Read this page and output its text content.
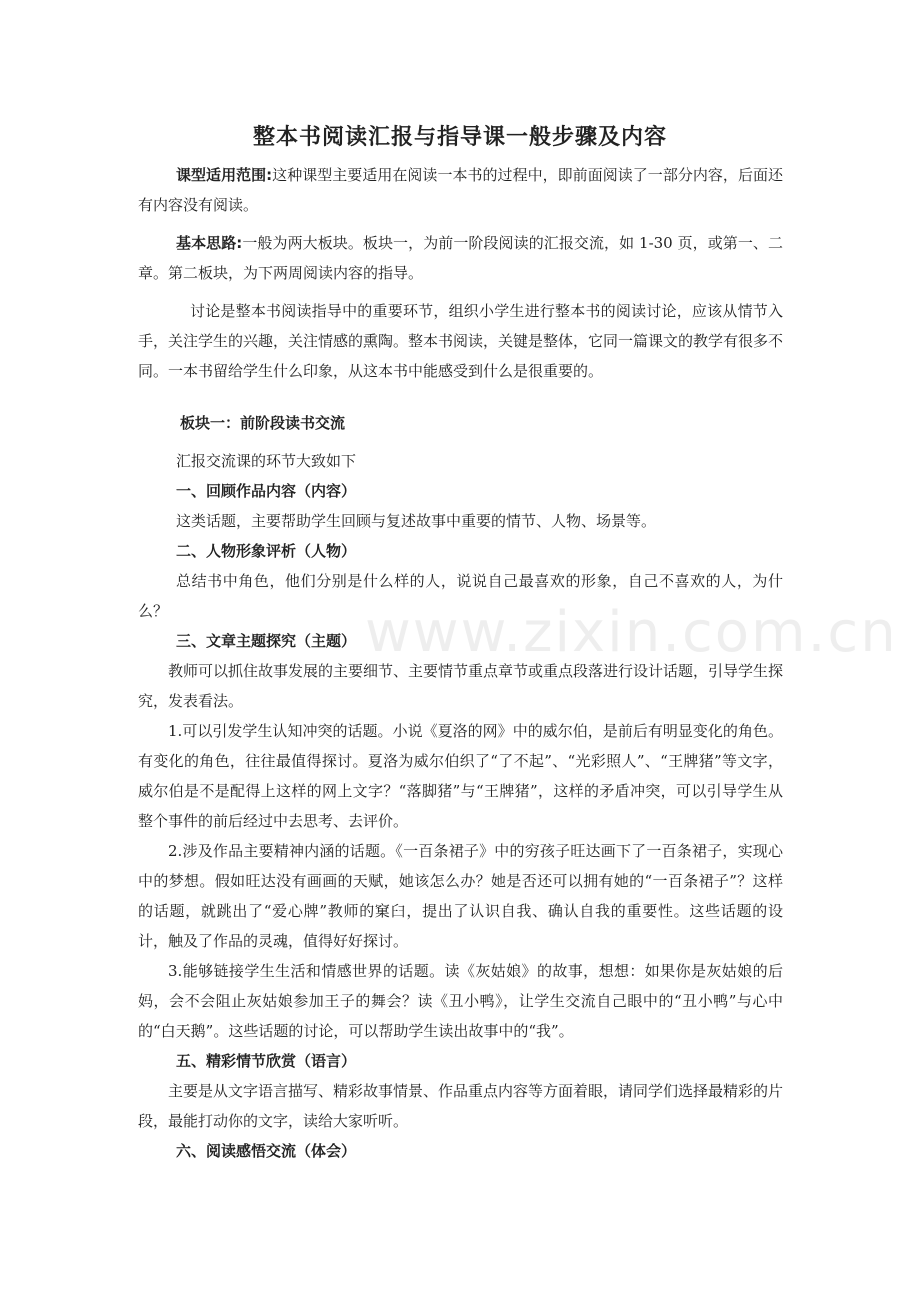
整本书阅读汇报与指导课一般步骤及内容

课型适用范围:这种课型主要适用在阅读一本书的过程中，即前面阅读了一部分内容，后面还有内容没有阅读。

基本思路:一般为两大板块。板块一，为前一阶段阅读的汇报交流，如 1-30 页，或第一、二章。第二板块，为下两周阅读内容的指导。

讨论是整本书阅读指导中的重要环节，组织小学生进行整本书的阅读讨论，应该从情节入手，关注学生的兴趣，关注情感的熏陶。整本书阅读，关键是整体，它同一篇课文的教学有很多不同。一本书留给学生什么印象，从这本书中能感受到什么是很重要的。

板块一：前阶段读书交流

汇报交流课的环节大致如下

一、回顾作品内容（内容）

这类话题，主要帮助学生回顾与复述故事中重要的情节、人物、场景等。

二、人物形象评析（人物）

总结书中角色，他们分别是什么样的人，说说自己最喜欢的形象，自己不喜欢的人，为什么？

三、文章主题探究（主题）

教师可以抓住故事发展的主要细节、主要情节重点章节或重点段落进行设计话题，引导学生探究，发表看法。

1.可以引发学生认知冲突的话题。小说《夏洛的网》中的威尔伯，是前后有明显变化的角色。有变化的角色，往往最值得探讨。夏洛为威尔伯织了“了不起”、“光彩照人”、“王牌猪”等文字，威尔伯是不是配得上这样的网上文字？“落脚猪”与“王牌猪”，这样的矛盾冲突，可以引导学生从整个事件的前后经过中去思考、去评价。

2.涉及作品主要精神内涵的话题。《一百条裙子》中的穷孩子旺达画下了一百条裙子，实现心中的梦想。假如旺达没有画画的天赋，她该怎么办？她是否还可以拥有她的“一百条裙子”？这样的话题，就跳出了“爱心牌”教师的窠臼，提出了认识自我、确认自我的重要性。这些话题的设计，触及了作品的灵魂，值得好好探讨。

3.能够链接学生生活和情感世界的话题。读《灰姑娘》的故事，想想：如果你是灰姑娘的后妈，会不会阻止灰姑娘参加王子的舞会？读《丑小鸭》，让学生交流自己眼中的“丑小鸭”与心中的“白天鹅”。这些话题的讨论，可以帮助学生读出故事中的“我”。

五、精彩情节欣赏（语言）

主要是从文字语言描写、精彩故事情景、作品重点内容等方面着眼，请同学们选择最精彩的片段，最能打动你的文字，读给大家听听。

六、阅读感悟交流（体会）

www.zixin.com.cn
